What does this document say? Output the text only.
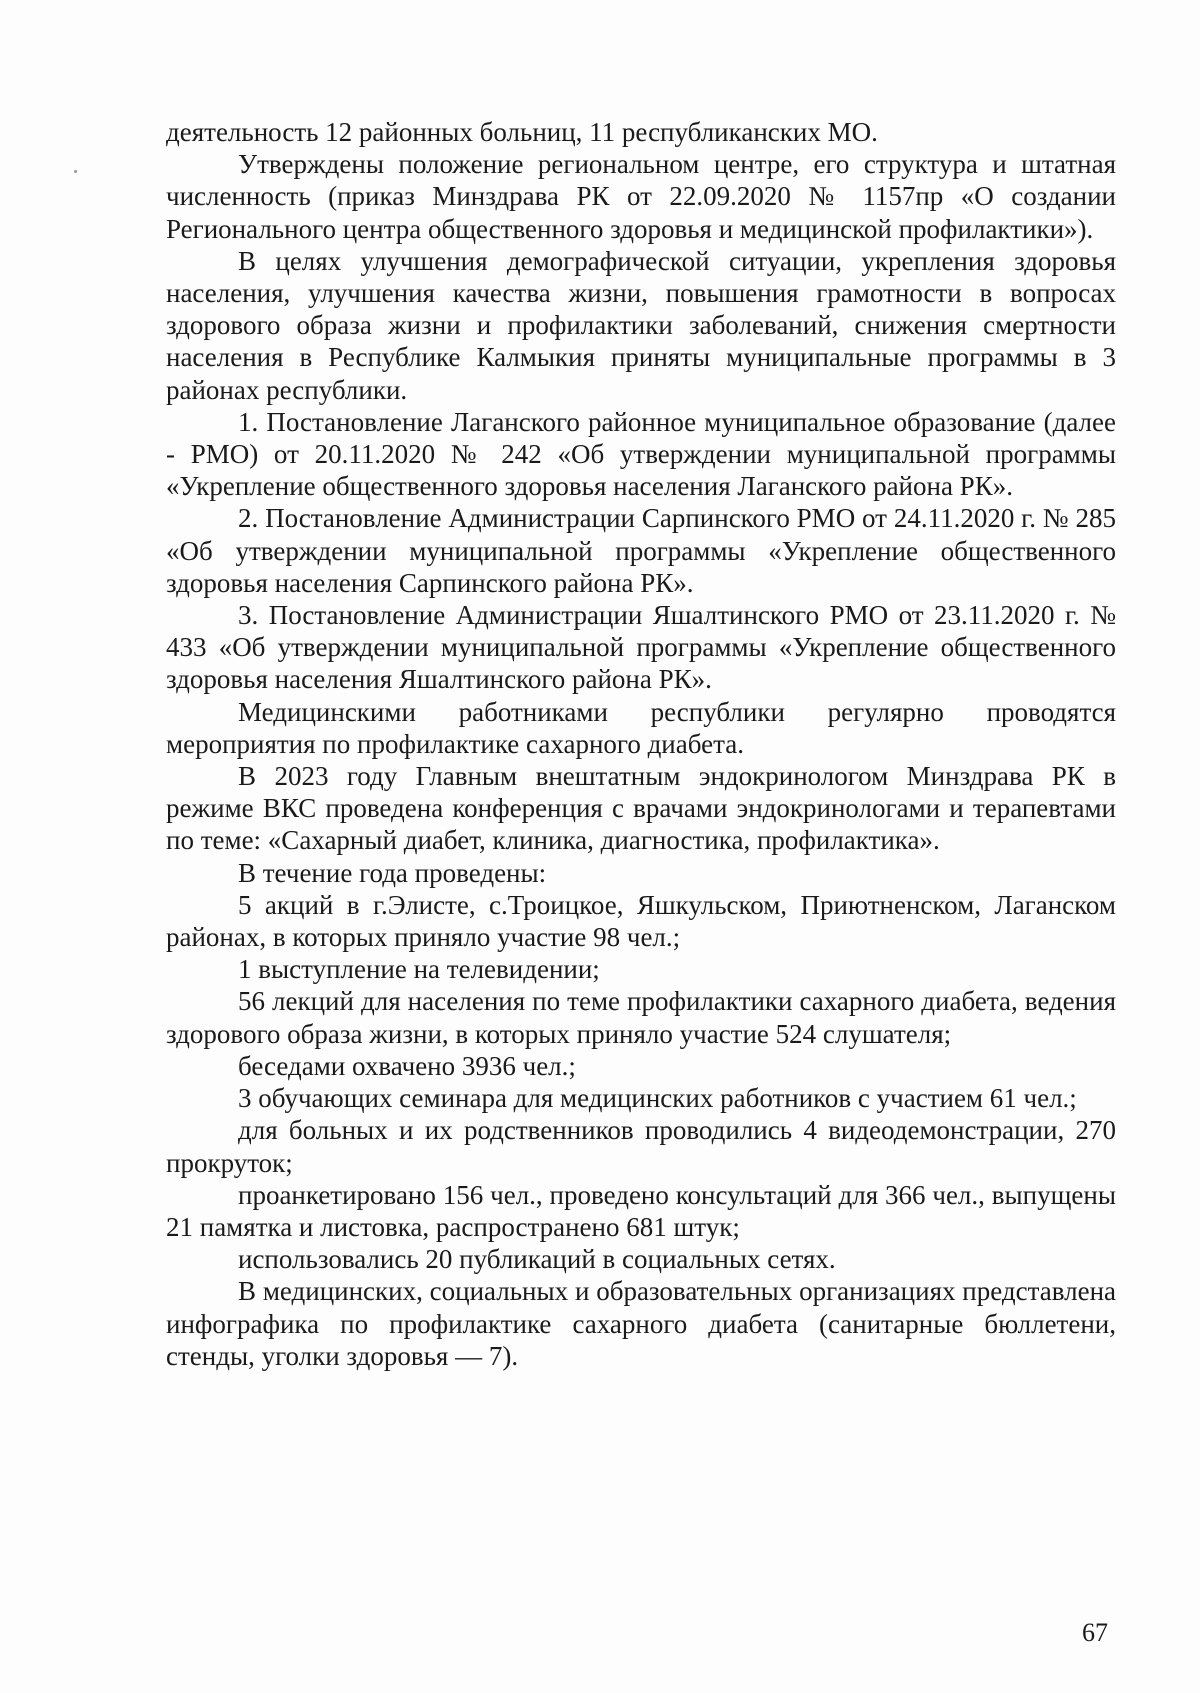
деятельность 12 районных больниц, 11 республиканских МО.

Утверждены положение региональном центре, его структура и штатная численность (приказ Минздрава РК от 22.09.2020 № 1157пр «О создании Регионального центра общественного здоровья и медицинской профилактики»).

В целях улучшения демографической ситуации, укрепления здоровья населения, улучшения качества жизни, повышения грамотности в вопросах здорового образа жизни и профилактики заболеваний, снижения смертности населения в Республике Калмыкия приняты муниципальные программы в 3 районах республики.

1. Постановление Лаганского районное муниципальное образование (далее - РМО) от 20.11.2020 № 242 «Об утверждении муниципальной программы «Укрепление общественного здоровья населения Лаганского района РК».

2. Постановление Администрации Сарпинского РМО от 24.11.2020 г. № 285 «Об утверждении муниципальной программы «Укрепление общественного здоровья населения Сарпинского района РК».

3. Постановление Администрации Яшалтинского РМО от 23.11.2020 г. № 433 «Об утверждении муниципальной программы «Укрепление общественного здоровья населения Яшалтинского района РК».

Медицинскими работниками республики регулярно проводятся мероприятия по профилактике сахарного диабета.

В 2023 году Главным внештатным эндокринологом Минздрава РК в режиме ВКС проведена конференция с врачами эндокринологами и терапевтами по теме: «Сахарный диабет, клиника, диагностика, профилактика».

В течение года проведены:

5 акций в г.Элисте, с.Троицкое, Яшкульском, Приютненском, Лаганском районах, в которых приняло участие 98 чел.;

1 выступление на телевидении;

56 лекций для населения по теме профилактики сахарного диабета, ведения здорового образа жизни, в которых приняло участие 524 слушателя;

беседами охвачено 3936 чел.;

3 обучающих семинара для медицинских работников с участием 61 чел.;

для больных и их родственников проводились 4 видеодемонстрации, 270 прокруток;

проанкетировано 156 чел., проведено консультаций для 366 чел., выпущены 21 памятка и листовка, распространено 681 штук;

использовались 20 публикаций в социальных сетях.

В медицинских, социальных и образовательных организациях представлена инфографика по профилактике сахарного диабета (санитарные бюллетени, стенды, уголки здоровья — 7).

67
